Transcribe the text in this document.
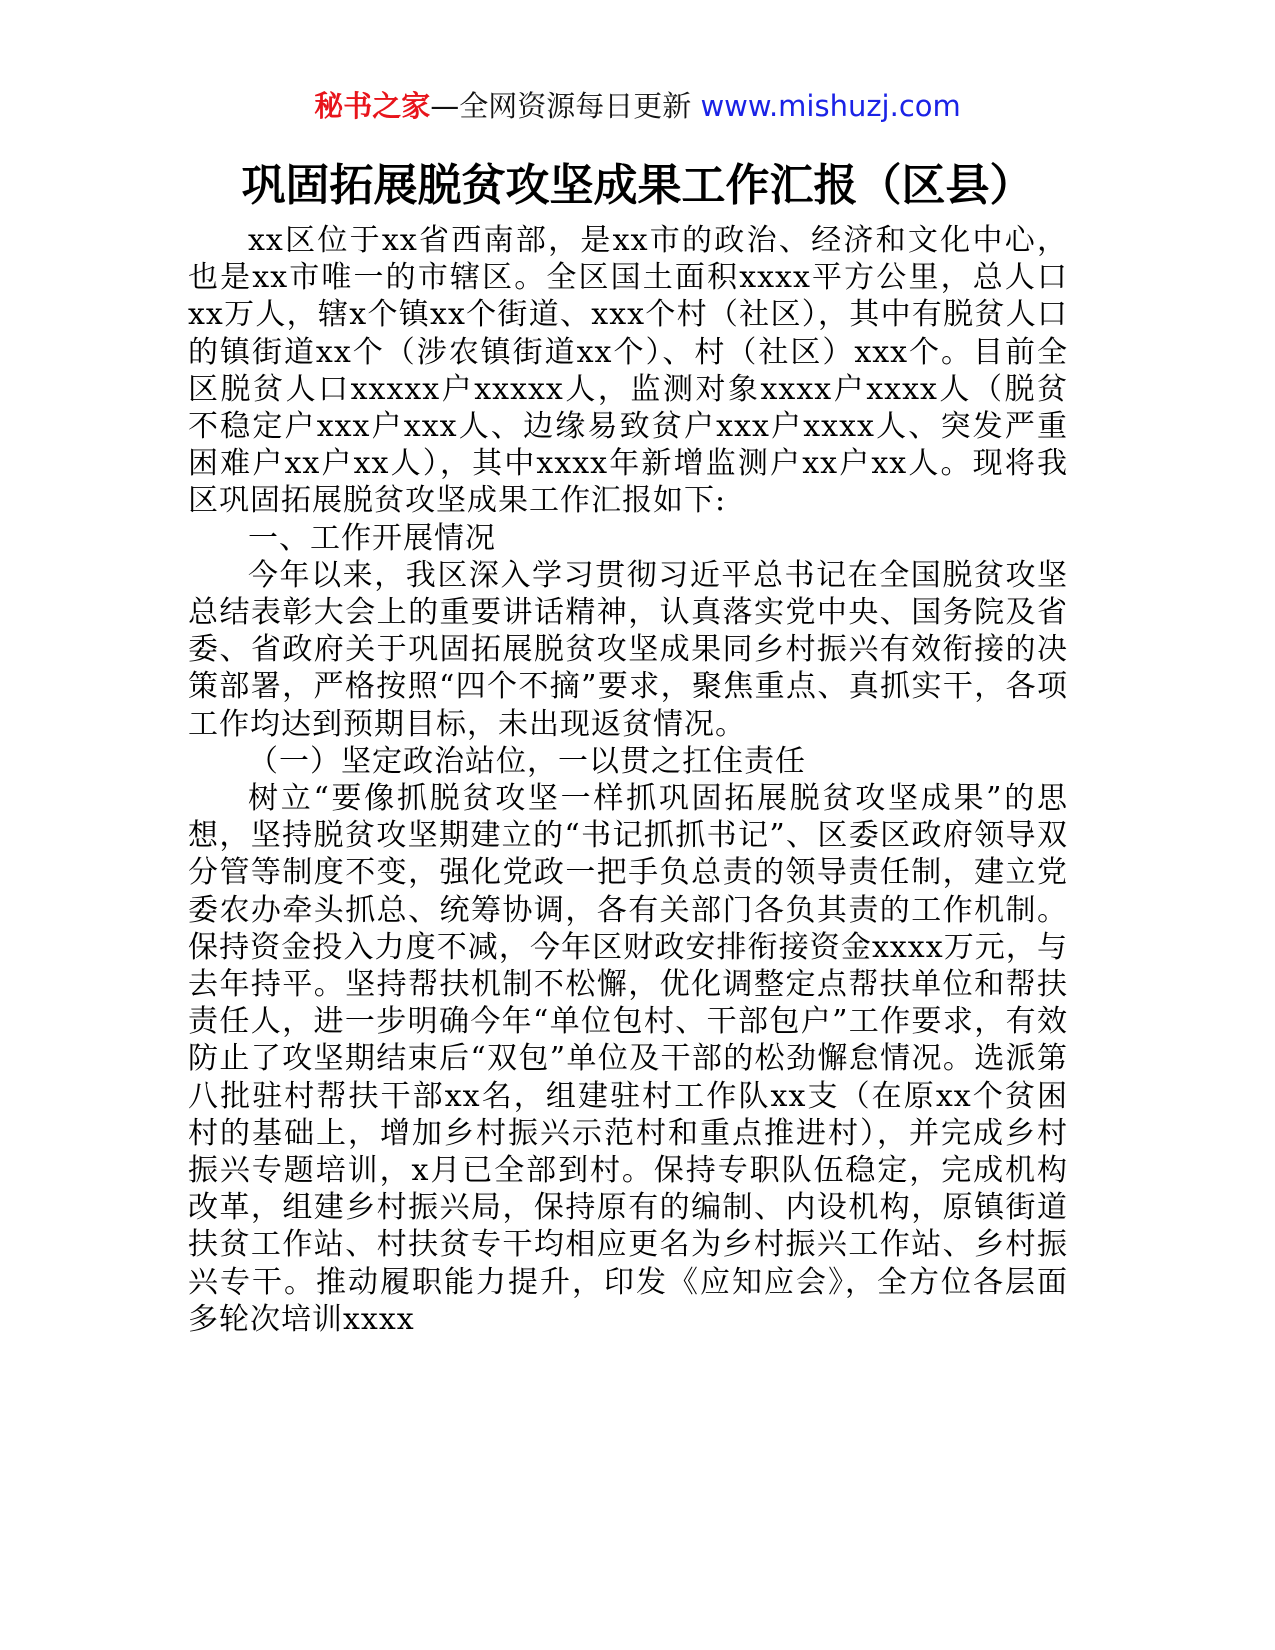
秘书之家—全网资源每日更新 www.mishuzj.com
巩固拓展脱贫攻坚成果工作汇报（区县）

xx区位于xx省西南部，是xx市的政治、经济和文化中心，也是xx市唯一的市辖区。全区国土面积xxxx平方公里，总人口xx万人，辖x个镇xx个街道、xxx个村（社区），其中有脱贫人口的镇街道xx个（涉农镇街道xx个）、村（社区）xxx个。目前全区脱贫人口xxxxx户xxxxx人，监测对象xxxx户xxxx人（脱贫不稳定户xxx户xxx人、边缘易致贫户xxx户xxxx人、突发严重困难户xx户xx人），其中xxxx年新增监测户xx户xx人。现将我区巩固拓展脱贫攻坚成果工作汇报如下:

一、工作开展情况

今年以来，我区深入学习贯彻习近平总书记在全国脱贫攻坚总结表彰大会上的重要讲话精神，认真落实党中央、国务院及省委、省政府关于巩固拓展脱贫攻坚成果同乡村振兴有效衔接的决策部署，严格按照“四个不摘”要求，聚焦重点、真抓实干，各项工作均达到预期目标，未出现返贫情况。

（一）坚定政治站位，一以贯之扛住责任

树立“要像抓脱贫攻坚一样抓巩固拓展脱贫攻坚成果”的思想，坚持脱贫攻坚期建立的“书记抓抓书记”、区委区政府领导双分管等制度不变，强化党政一把手负总责的领导责任制，建立党委农办牵头抓总、统筹协调，各有关部门各负其责的工作机制。保持资金投入力度不减，今年区财政安排衔接资金xxxx万元，与去年持平。坚持帮扶机制不松懈，优化调整定点帮扶单位和帮扶责任人，进一步明确今年“单位包村、干部包户”工作要求，有效防止了攻坚期结束后“双包”单位及干部的松劲懈怠情况。选派第八批驻村帮扶干部xx名，组建驻村工作队xx支（在原xx个贫困村的基础上，增加乡村振兴示范村和重点推进村），并完成乡村振兴专题培训，x月已全部到村。保持专职队伍稳定，完成机构改革，组建乡村振兴局，保持原有的编制、内设机构，原镇街道扶贫工作站、村扶贫专干均相应更名为乡村振兴工作站、乡村振兴专干。推动履职能力提升，印发《应知应会》，全方位各层面多轮次培训xxxx
